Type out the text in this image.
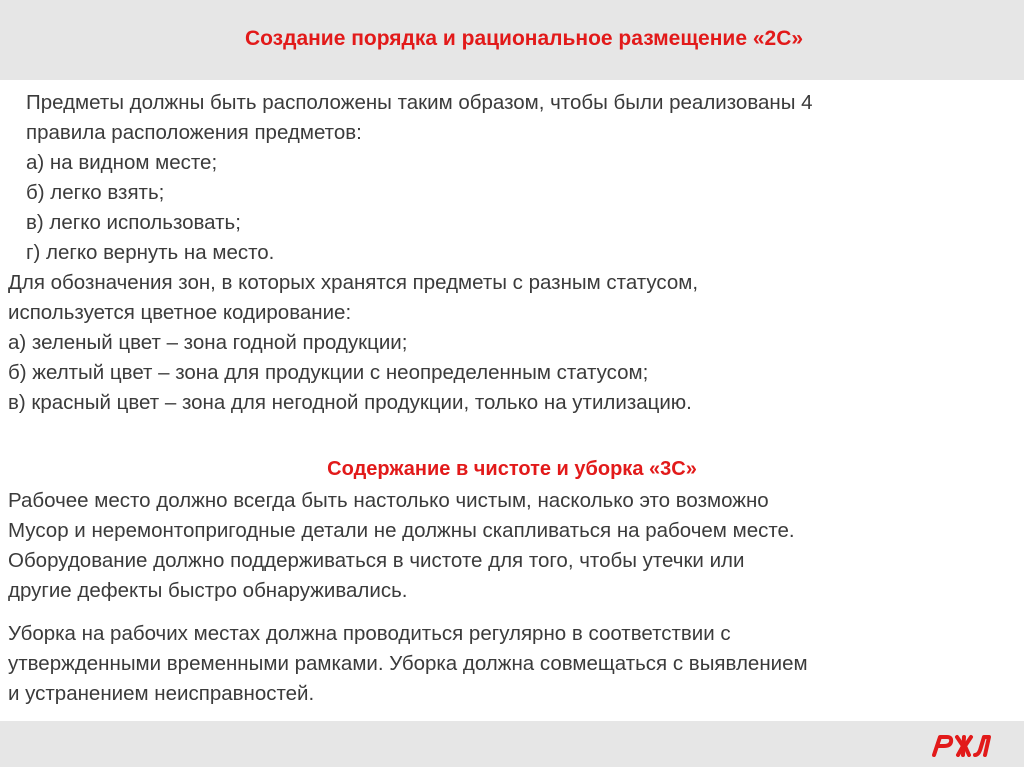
Создание порядка и рациональное размещение «2С»
Предметы должны быть расположены таким образом, чтобы были реализованы 4
правила расположения предметов:
а) на видном месте;
б) легко взять;
в) легко использовать;
г) легко вернуть на место.
Для обозначения зон, в которых хранятся предметы с разным статусом,
используется цветное кодирование:
а) зеленый цвет – зона годной продукции;
б) желтый цвет – зона для продукции с неопределенным статусом;
в) красный цвет – зона для негодной продукции, только на утилизацию.
Содержание в чистоте и уборка «3С»
Рабочее место должно всегда быть настолько чистым, насколько это возможно
Мусор и неремонтопригодные детали не должны скапливаться на рабочем месте.
Оборудование должно поддерживаться в чистоте для того, чтобы утечки или
другие дефекты быстро обнаруживались.
Уборка на рабочих местах должна проводиться регулярно в соответствии с
утвержденными временными рамками. Уборка должна совмещаться с выявлением
и устранением неисправностей.
